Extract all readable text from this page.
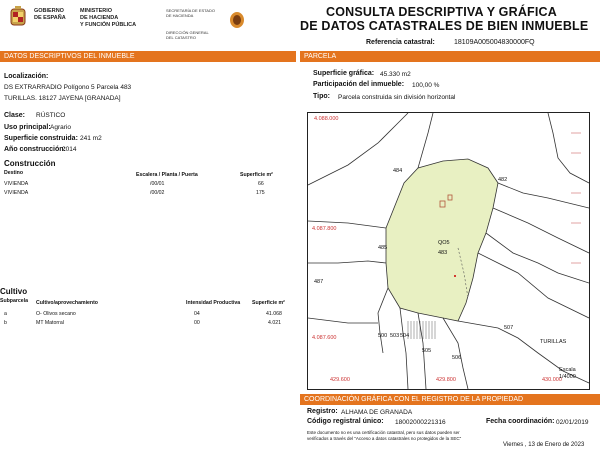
GOBIERNO
DE ESPAÑA
MINISTERIO
DE HACIENDA
Y FUNCIÓN PÚBLICA
SECRETARÍA DE ESTADO
DE HACIENDA
DIRECCIÓN GENERAL
DEL CATASTRO
CONSULTA DESCRIPTIVA Y GRÁFICA
DE DATOS CATASTRALES DE BIEN INMUEBLE
Referencia catastral:	18109A005004830000FQ
DATOS DESCRIPTIVOS DEL INMUEBLE	PARCELA
Localización:
DS EXTRARRADIO Polígono 5 Parcela 483
TURILLAS. 18127 JAYENA [GRANADA]
Clase: RÚSTICO
Uso principal: Agrario
Superficie construida: 241 m2
Año construcción:
2014
Construcción
Destino	Escalera / Planta / Puerta	Superficie m²
VIVIENDA	/00/01	66
VIVIENDA	/00/02	175
Cultivo
Subparcela Cultivo/aprovechamiento	Intensidad Productiva Superficie m²
a	O- Olivos secano	04	41.068
b	MT Matorral	00	4.021
Superficie gráfica: 45.330 m2
Participación del inmueble: 100,00 %
Tipo: Parcela construida sin división horizontal
4.088.000
4.087.800
4.087.600
429.600	429.800	430.000
484
482
485
483
487
507
500 503 504
505
506
QO5
TURILLAS
Escala
1/4000
COORDINACIÓN GRÁFICA CON EL REGISTRO DE LA PROPIEDAD
Registro: ALHAMA DE GRANADA
Código registral único: 18002000221316	Fecha coordinación: 02/01/2019
Este documento no es una certificación catastral, pero sus datos pueden ser
verificados a través del "Acceso a datos catastrales no protegidos de la SEC"
Viernes , 13 de Enero de 2023
